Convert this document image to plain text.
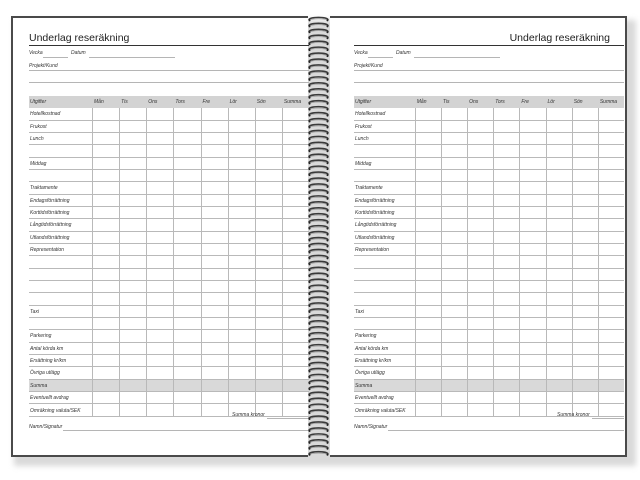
Underlag reseräkning
Vecka	Datum
Projekt/Kund
Utgifter	Mån	Tis	Ons	Tors	Fre	Lör	Sön	Summa
Hotellkostnad
Frukost
Lunch
Middag
Traktamente
Endagsförrättning
Korttidsförrättning
Långtidsförrättning
Utlandsförrättning
Representation
Taxi
Parkering
Antal körda km
Ersättning kr/km
Övriga utlägg
Summa
Eventuellt avdrag
Omräkning valuta/SEK
Summa kronor
Namn/Signatur
Underlag reseräkning
Vecka	Datum
Projekt/Kund
Utgifter	Mån	Tis	Ons	Tors	Fre	Lör	Sön	Summa
Hotellkostnad
Frukost
Lunch
Middag
Traktamente
Endagsförrättning
Korttidsförrättning
Långtidsförrättning
Utlandsförrättning
Representation
Taxi
Parkering
Antal körda km
Ersättning kr/km
Övriga utlägg
Summa
Eventuellt avdrag
Omräkning valuta/SEK
Summa kronor
Namn/Signatur
